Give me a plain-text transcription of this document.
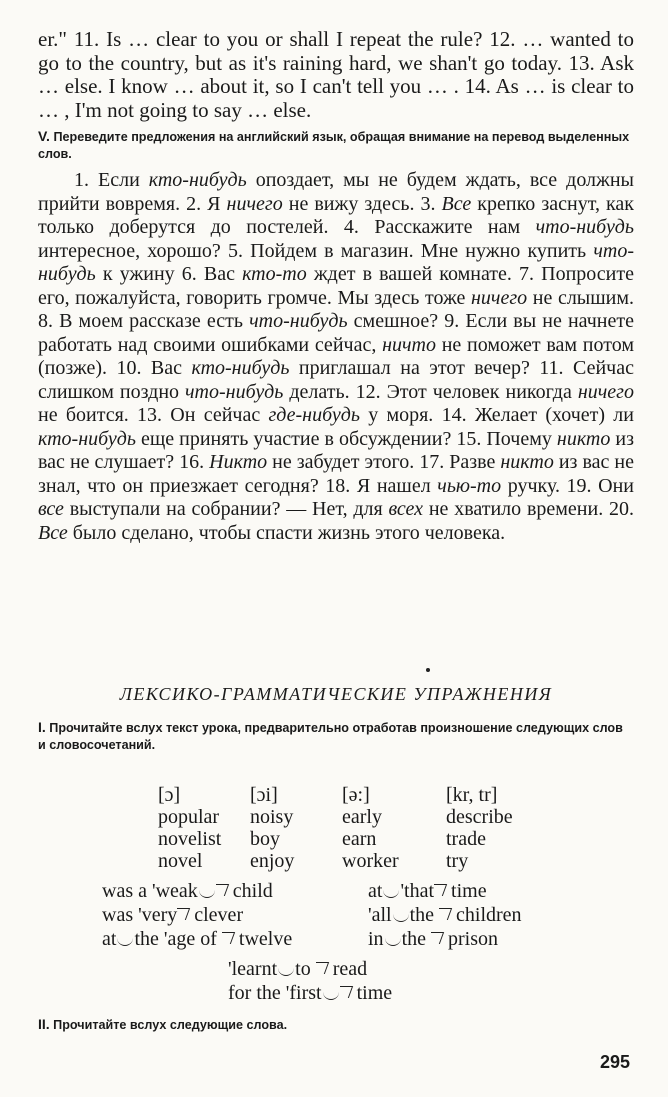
er." 11. Is … clear to you or shall I repeat the rule? 12. … wanted to go to the country, but as it's raining hard, we shan't go today. 13. Ask … else. I know … about it, so I can't tell you … . 14. As … is clear to … , I'm not going to say … else.

V. Переведите предложения на английский язык, обращая внимание на перевод выделенных слов.

1. Если кто-нибудь опоздает, мы не будем ждать, все должны прийти вовремя. 2. Я ничего не вижу здесь. 3. Все крепко заснут, как только доберутся до постелей. 4. Расскажите нам что-нибудь интересное, хорошо? 5. Пойдем в магазин. Мне нужно купить что-нибудь к ужину 6. Вас кто-то ждет в вашей комнате. 7. Попросите его, пожалуйста, говорить громче. Мы здесь тоже ничего не слышим. 8. В моем рассказе есть что-нибудь смешное? 9. Если вы не начнете работать над своими ошибками сейчас, ничто не поможет вам потом (позже). 10. Вас кто-нибудь приглашал на этот вечер? 11. Сейчас слишком поздно что-нибудь делать. 12. Этот человек никогда ничего не боится. 13. Он сейчас где-нибудь у моря. 14. Желает (хочет) ли кто-нибудь еще принять участие в обсуждении? 15. Почему никто из вас не слушает? 16. Никто не забудет этого. 17. Разве никто из вас не знал, что он приезжает сегодня? 18. Я нашел чью-то ручку. 19. Они все выступали на собрании? — Нет, для всех не хватило времени. 20. Все было сделано, чтобы спасти жизнь этого человека.

ЛЕКСИКО-ГРАММАТИЧЕСКИЕ УПРАЖНЕНИЯ

I. Прочитайте вслух текст урока, предварительно отработав произношение следующих слов и словосочетаний.

[ɔ]
popular
novelist
novel
[ɔi]
noisy
boy
enjoy
[ə:]
early
earn
worker
[kr, tr]
describe
trade
try
was a 'weak child
was 'very clever
at the 'age of twelve
at 'that time
'all the children
in the prison
'learnt to read
for the 'first time

II. Прочитайте вслух следующие слова.

295
